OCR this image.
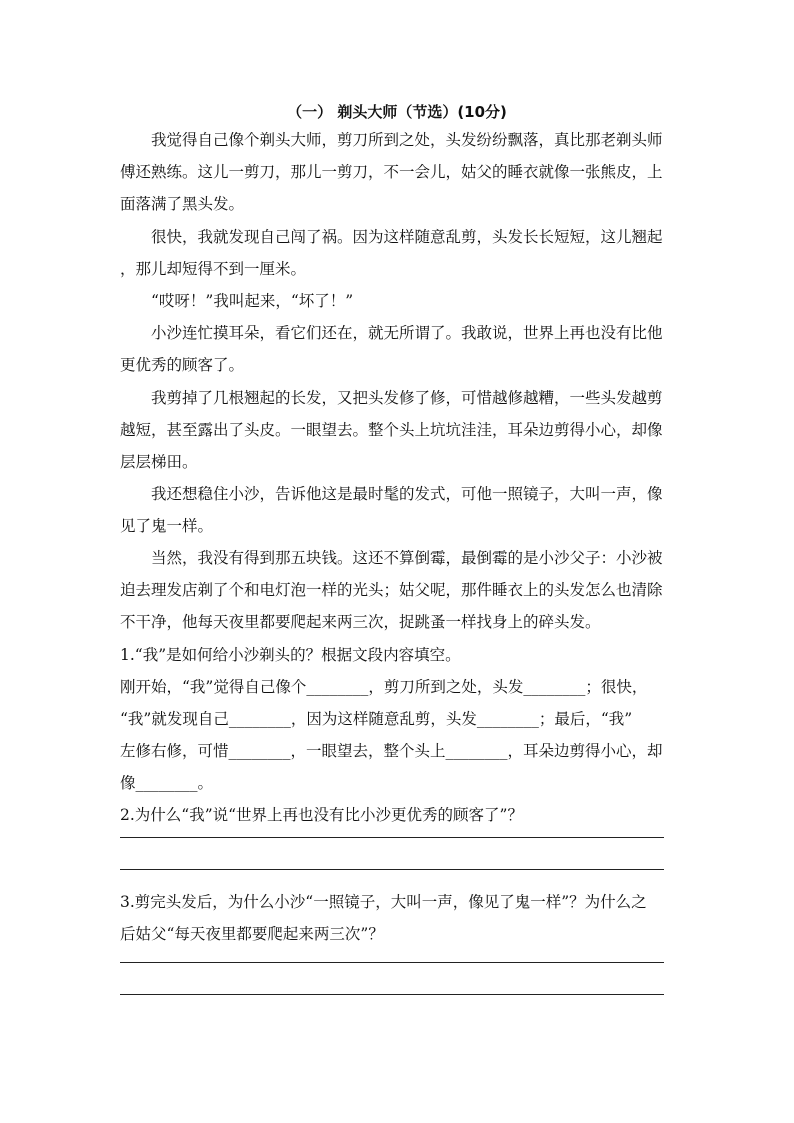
（一） 剃头大师（节选）(10分)
　　我觉得自己像个剃头大师，剪刀所到之处，头发纷纷飘落，真比那老剃头师
傅还熟练。这儿一剪刀，那儿一剪刀，不一会儿，姑父的睡衣就像一张熊皮，上
面落满了黑头发。
　　很快，我就发现自己闯了祸。因为这样随意乱剪，头发长长短短，这儿翘起
，那儿却短得不到一厘米。
　　“哎呀！”我叫起来，“坏了！”
　　小沙连忙摸耳朵，看它们还在，就无所谓了。我敢说，世界上再也没有比他
更优秀的顾客了。
　　我剪掉了几根翘起的长发，又把头发修了修，可惜越修越糟，一些头发越剪
越短，甚至露出了头皮。一眼望去。整个头上坑坑洼洼，耳朵边剪得小心，却像
层层梯田。
　　我还想稳住小沙，告诉他这是最时髦的发式，可他一照镜子，大叫一声，像
见了鬼一样。
　　当然，我没有得到那五块钱。这还不算倒霉，最倒霉的是小沙父子：小沙被
迫去理发店剃了个和电灯泡一样的光头；姑父呢，那件睡衣上的头发怎么也清除
不干净，他每天夜里都要爬起来两三次，捉跳蚤一样找身上的碎头发。
1.“我”是如何给小沙剃头的？根据文段内容填空。
刚开始，“我”觉得自己像个________，剪刀所到之处，头发________；很快，
“我”就发现自己________，因为这样随意乱剪，头发________；最后，“我”
左修右修，可惜________，一眼望去，整个头上________，耳朵边剪得小心，却
像________。
2.为什么“我”说“世界上再也没有比小沙更优秀的顾客了”？
3.剪完头发后，为什么小沙“一照镜子，大叫一声，像见了鬼一样”？为什么之
后姑父“每天夜里都要爬起来两三次”？
